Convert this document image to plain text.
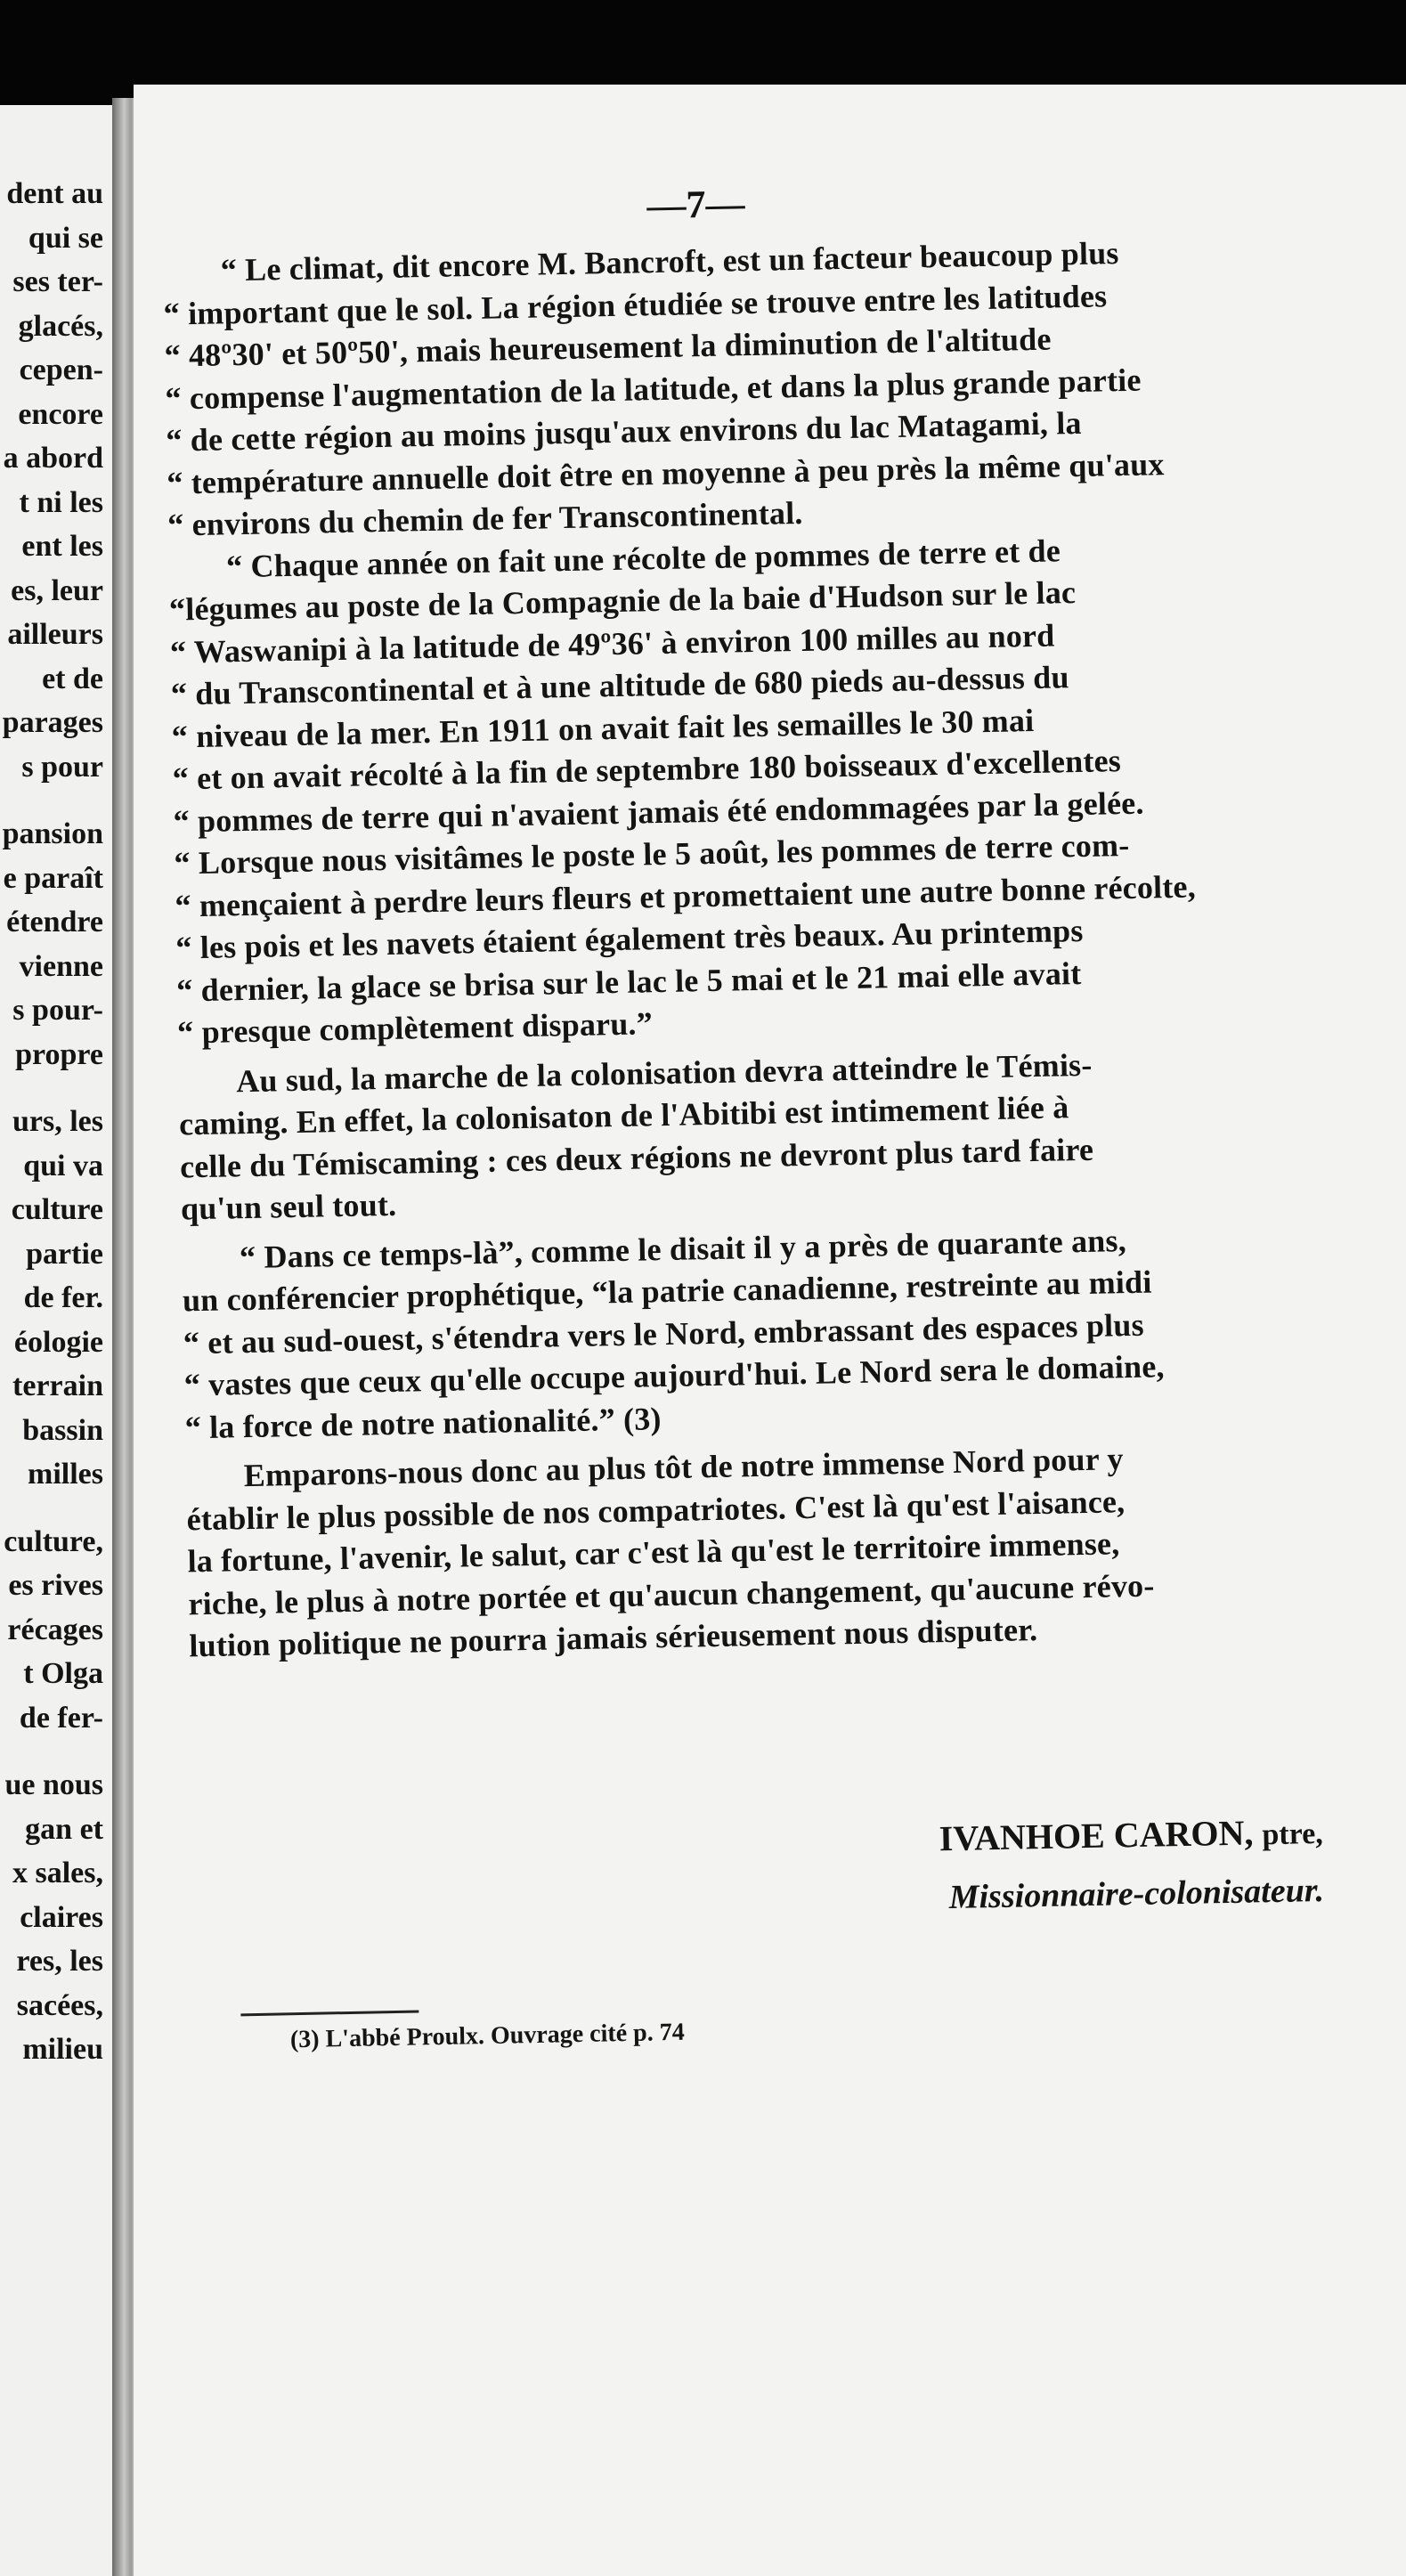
dent au
qui se
ses ter-
glacés,
cepen-
encore
a abord
t ni les
ent les
es, leur
ailleurs
et de
parages
s pour
pansion
e paraît
étendre
vienne
s pour-
propre
urs, les
qui va
culture
partie
de fer.
éologie
terrain
bassin
milles
culture,
es rives
récages
t Olga
de fer-
ue nous
gan et
x sales,
claires
res, les
sacées,
milieu
—7—
“ Le climat, dit encore M. Bancroft, est un facteur beaucoup plus
“ important que le sol. La région étudiée se trouve entre les latitudes
“ 48º30' et 50º50', mais heureusement la diminution de l'altitude
“ compense l'augmentation de la latitude, et dans la plus grande partie
“ de cette région au moins jusqu'aux environs du lac Matagami, la
“ température annuelle doit être en moyenne à peu près la même qu'aux
“ environs du chemin de fer Transcontinental.
“ Chaque année on fait une récolte de pommes de terre et de
“légumes au poste de la Compagnie de la baie d'Hudson sur le lac
“ Waswanipi à la latitude de 49º36' à environ 100 milles au nord
“ du Transcontinental et à une altitude de 680 pieds au-dessus du
“ niveau de la mer. En 1911 on avait fait les semailles le 30 mai
“ et on avait récolté à la fin de septembre 180 boisseaux d'excellentes
“ pommes de terre qui n'avaient jamais été endommagées par la gelée.
“ Lorsque nous visitâmes le poste le 5 août, les pommes de terre com-
“ mençaient à perdre leurs fleurs et promettaient une autre bonne récolte,
“ les pois et les navets étaient également très beaux. Au printemps
“ dernier, la glace se brisa sur le lac le 5 mai et le 21 mai elle avait
“ presque complètement disparu.”
Au sud, la marche de la colonisation devra atteindre le Témis-
caming. En effet, la colonisaton de l'Abitibi est intimement liée à
celle du Témiscaming : ces deux régions ne devront plus tard faire
qu'un seul tout.
“ Dans ce temps-là”, comme le disait il y a près de quarante ans,
un conférencier prophétique, “la patrie canadienne, restreinte au midi
“ et au sud-ouest, s'étendra vers le Nord, embrassant des espaces plus
“ vastes que ceux qu'elle occupe aujourd'hui. Le Nord sera le domaine,
“ la force de notre nationalité.” (3)
Emparons-nous donc au plus tôt de notre immense Nord pour y
établir le plus possible de nos compatriotes. C'est là qu'est l'aisance,
la fortune, l'avenir, le salut, car c'est là qu'est le territoire immense,
riche, le plus à notre portée et qu'aucun changement, qu'aucune révo-
lution politique ne pourra jamais sérieusement nous disputer.
IVANHOE CARON, ptre,
Missionnaire-colonisateur.
(3) L'abbé Proulx. Ouvrage cité p. 74
